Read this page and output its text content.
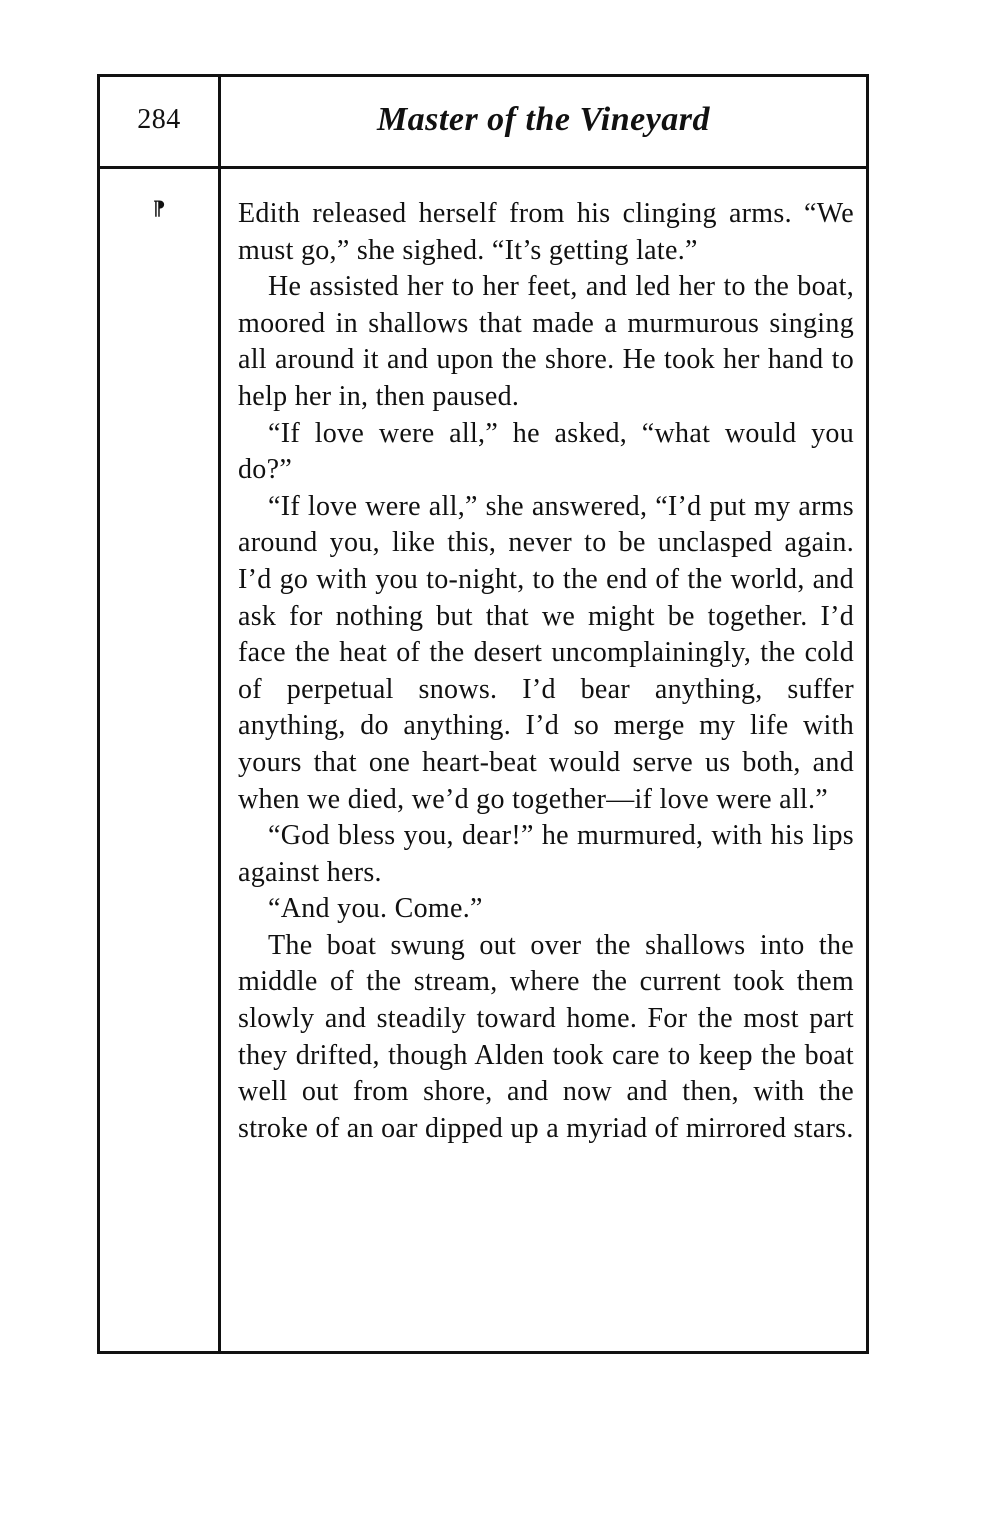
284	Master of the Vineyard
⁋	Edith released herself from his clinging arms. “We must go,” she sighed. “It’s getting late.”

He assisted her to her feet, and led her to the boat, moored in shallows that made a murmurous singing all around it and upon the shore. He took her hand to help her in, then paused.

“If love were all,” he asked, “what would you do?”

“If love were all,” she answered, “I’d put my arms around you, like this, never to be unclasped again. I’d go with you to-night, to the end of the world, and ask for nothing but that we might be together. I’d face the heat of the desert uncomplainingly, the cold of perpetual snows. I’d bear anything, suffer anything, do anything. I’d so merge my life with yours that one heart-beat would serve us both, and when we died, we’d go together—if love were all.”

“God bless you, dear!” he murmured, with his lips against hers.

“And you. Come.”

The boat swung out over the shallows into the middle of the stream, where the current took them slowly and steadily toward home. For the most part they drifted, though Alden took care to keep the boat well out from shore, and now and then, with the stroke of an oar dipped up a myriad of mirrored stars.
